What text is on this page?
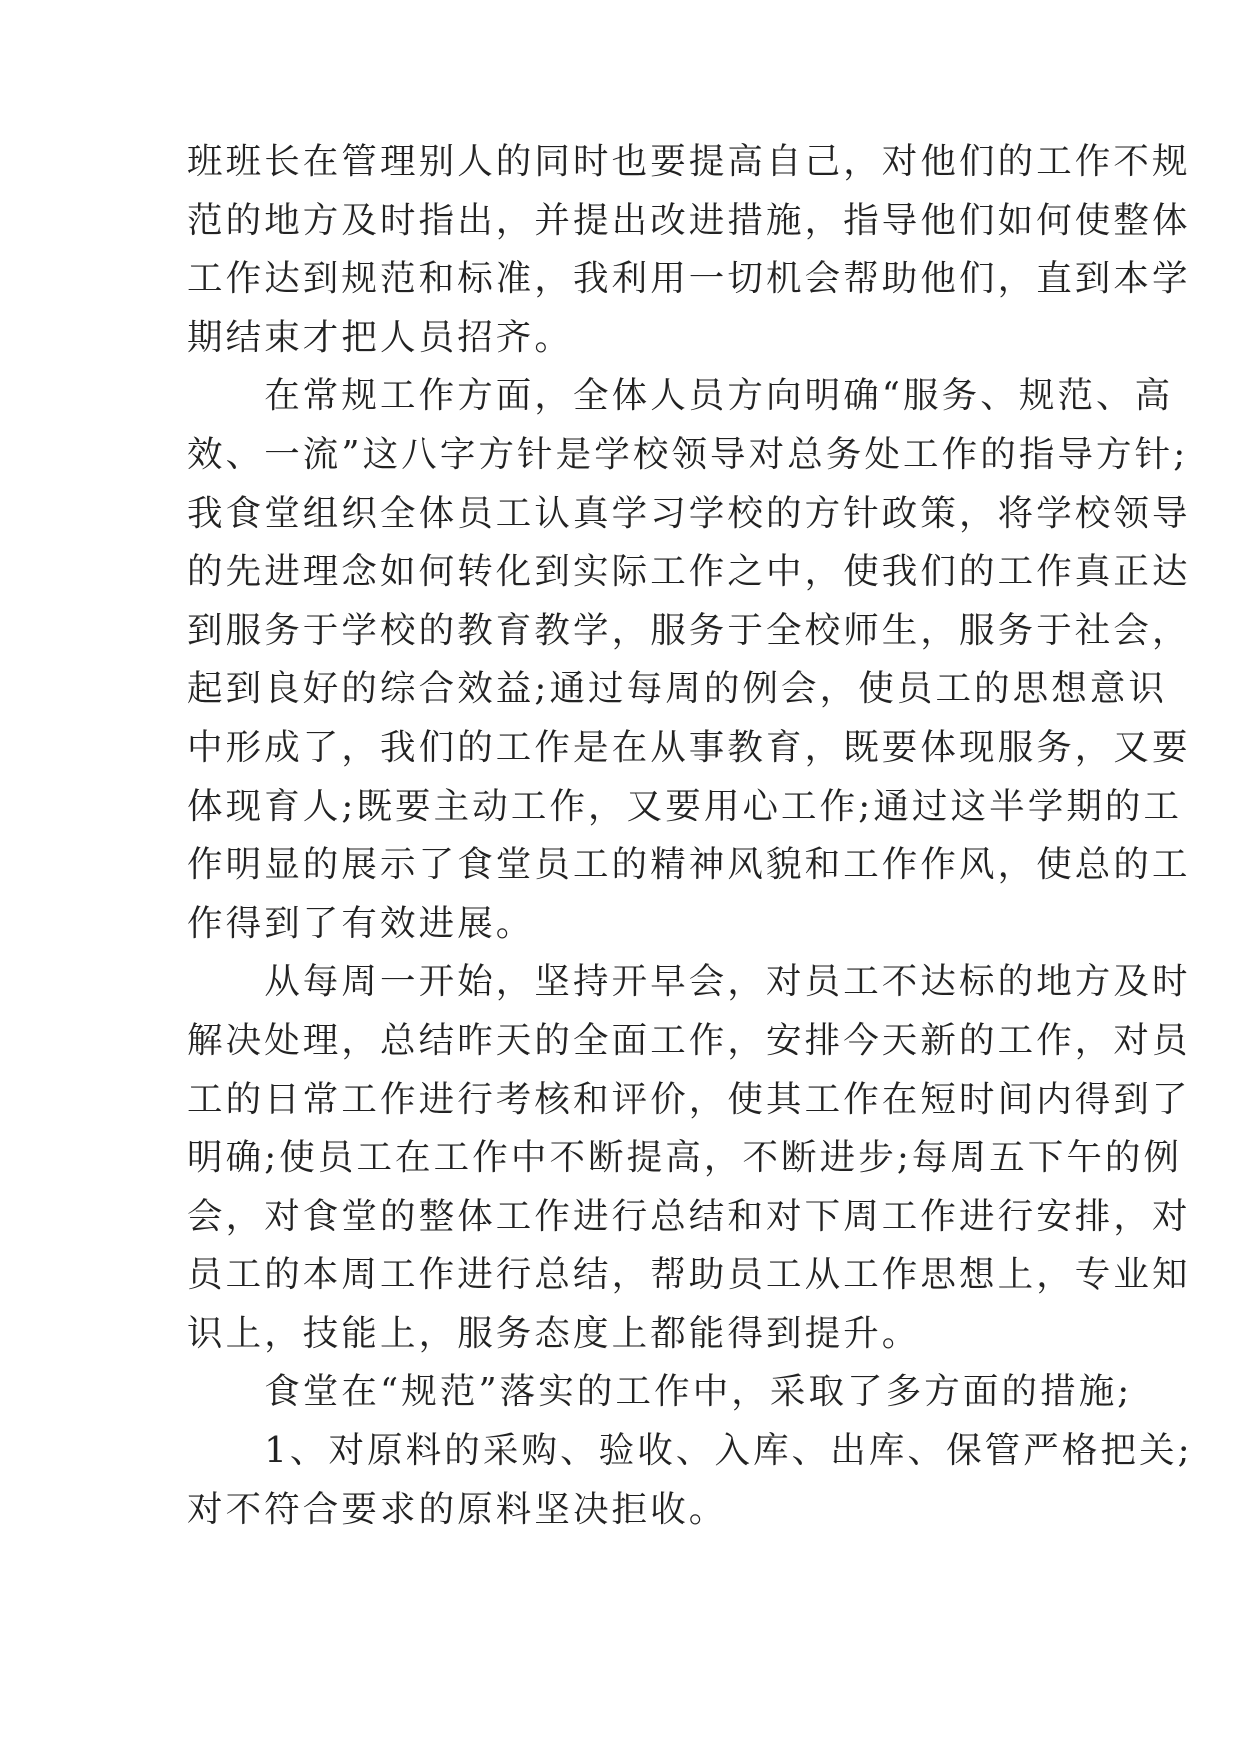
班班长在管理别人的同时也要提高自己，对他们的工作不规
范的地方及时指出，并提出改进措施，指导他们如何使整体
工作达到规范和标准，我利用一切机会帮助他们，直到本学
期结束才把人员招齐。
　　在常规工作方面，全体人员方向明确“服务、规范、高
效、一流”这八字方针是学校领导对总务处工作的指导方针;
我食堂组织全体员工认真学习学校的方针政策，将学校领导
的先进理念如何转化到实际工作之中，使我们的工作真正达
到服务于学校的教育教学，服务于全校师生，服务于社会，
起到良好的综合效益;通过每周的例会，使员工的思想意识
中形成了，我们的工作是在从事教育，既要体现服务，又要
体现育人;既要主动工作，又要用心工作;通过这半学期的工
作明显的展示了食堂员工的精神风貌和工作作风，使总的工
作得到了有效进展。
　　从每周一开始，坚持开早会，对员工不达标的地方及时
解决处理，总结昨天的全面工作，安排今天新的工作，对员
工的日常工作进行考核和评价，使其工作在短时间内得到了
明确;使员工在工作中不断提高，不断进步;每周五下午的例
会，对食堂的整体工作进行总结和对下周工作进行安排，对
员工的本周工作进行总结，帮助员工从工作思想上，专业知
识上，技能上，服务态度上都能得到提升。
　　食堂在“规范”落实的工作中，采取了多方面的措施;
　　1、对原料的采购、验收、入库、出库、保管严格把关;
对不符合要求的原料坚决拒收。
